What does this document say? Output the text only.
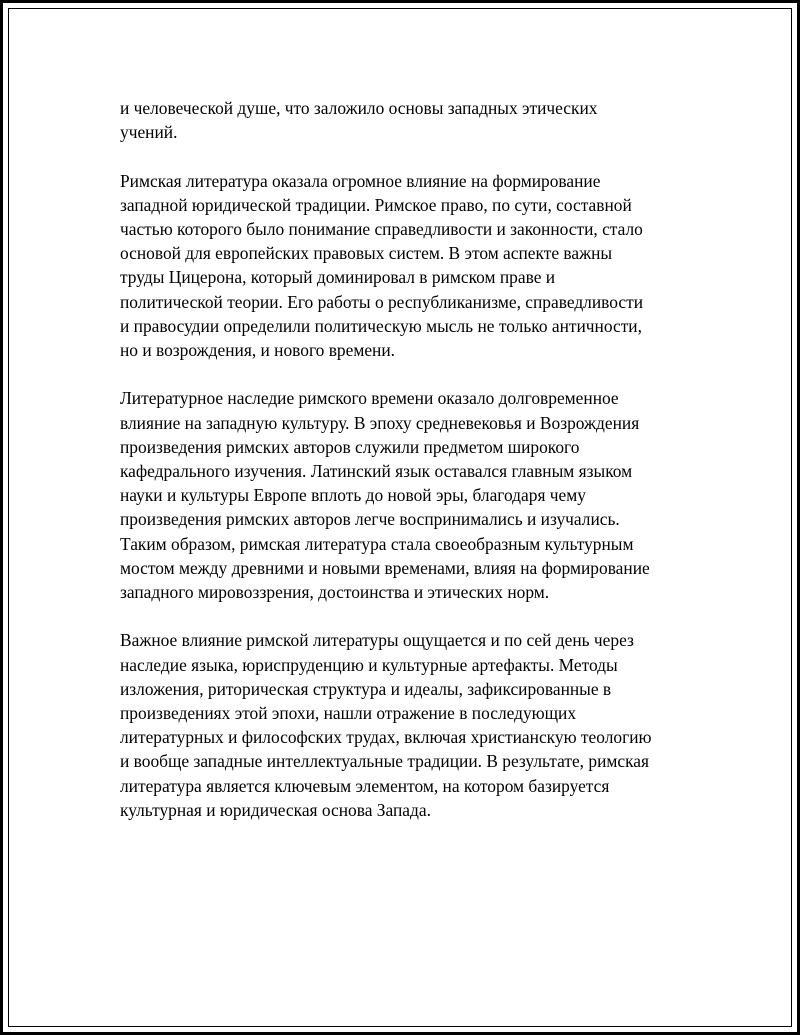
и человеческой душе, что заложило основы западных этических
учений.

Римская литература оказала огромное влияние на формирование
западной юридической традиции. Римское право, по сути, составной
частью которого было понимание справедливости и законности, стало
основой для европейских правовых систем. В этом аспекте важны
труды Цицерона, который доминировал в римском праве и
политической теории. Его работы о республиканизме, справедливости
и правосудии определили политическую мысль не только античности,
но и возрождения, и нового времени.

Литературное наследие римского времени оказало долговременное
влияние на западную культуру. В эпоху средневековья и Возрождения
произведения римских авторов служили предметом широкого
кафедрального изучения. Латинский язык оставался главным языком
науки и культуры Европе вплоть до новой эры, благодаря чему
произведения римских авторов легче воспринимались и изучались.
Таким образом, римская литература стала своеобразным культурным
мостом между древними и новыми временами, влияя на формирование
западного мировоззрения, достоинства и этических норм.

Важное влияние римской литературы ощущается и по сей день через
наследие языка, юриспруденцию и культурные артефакты. Методы
изложения, риторическая структура и идеалы, зафиксированные в
произведениях этой эпохи, нашли отражение в последующих
литературных и философских трудах, включая христианскую теологию
и вообще западные интеллектуальные традиции. В результате, римская
литература является ключевым элементом, на котором базируется
культурная и юридическая основа Запада.
